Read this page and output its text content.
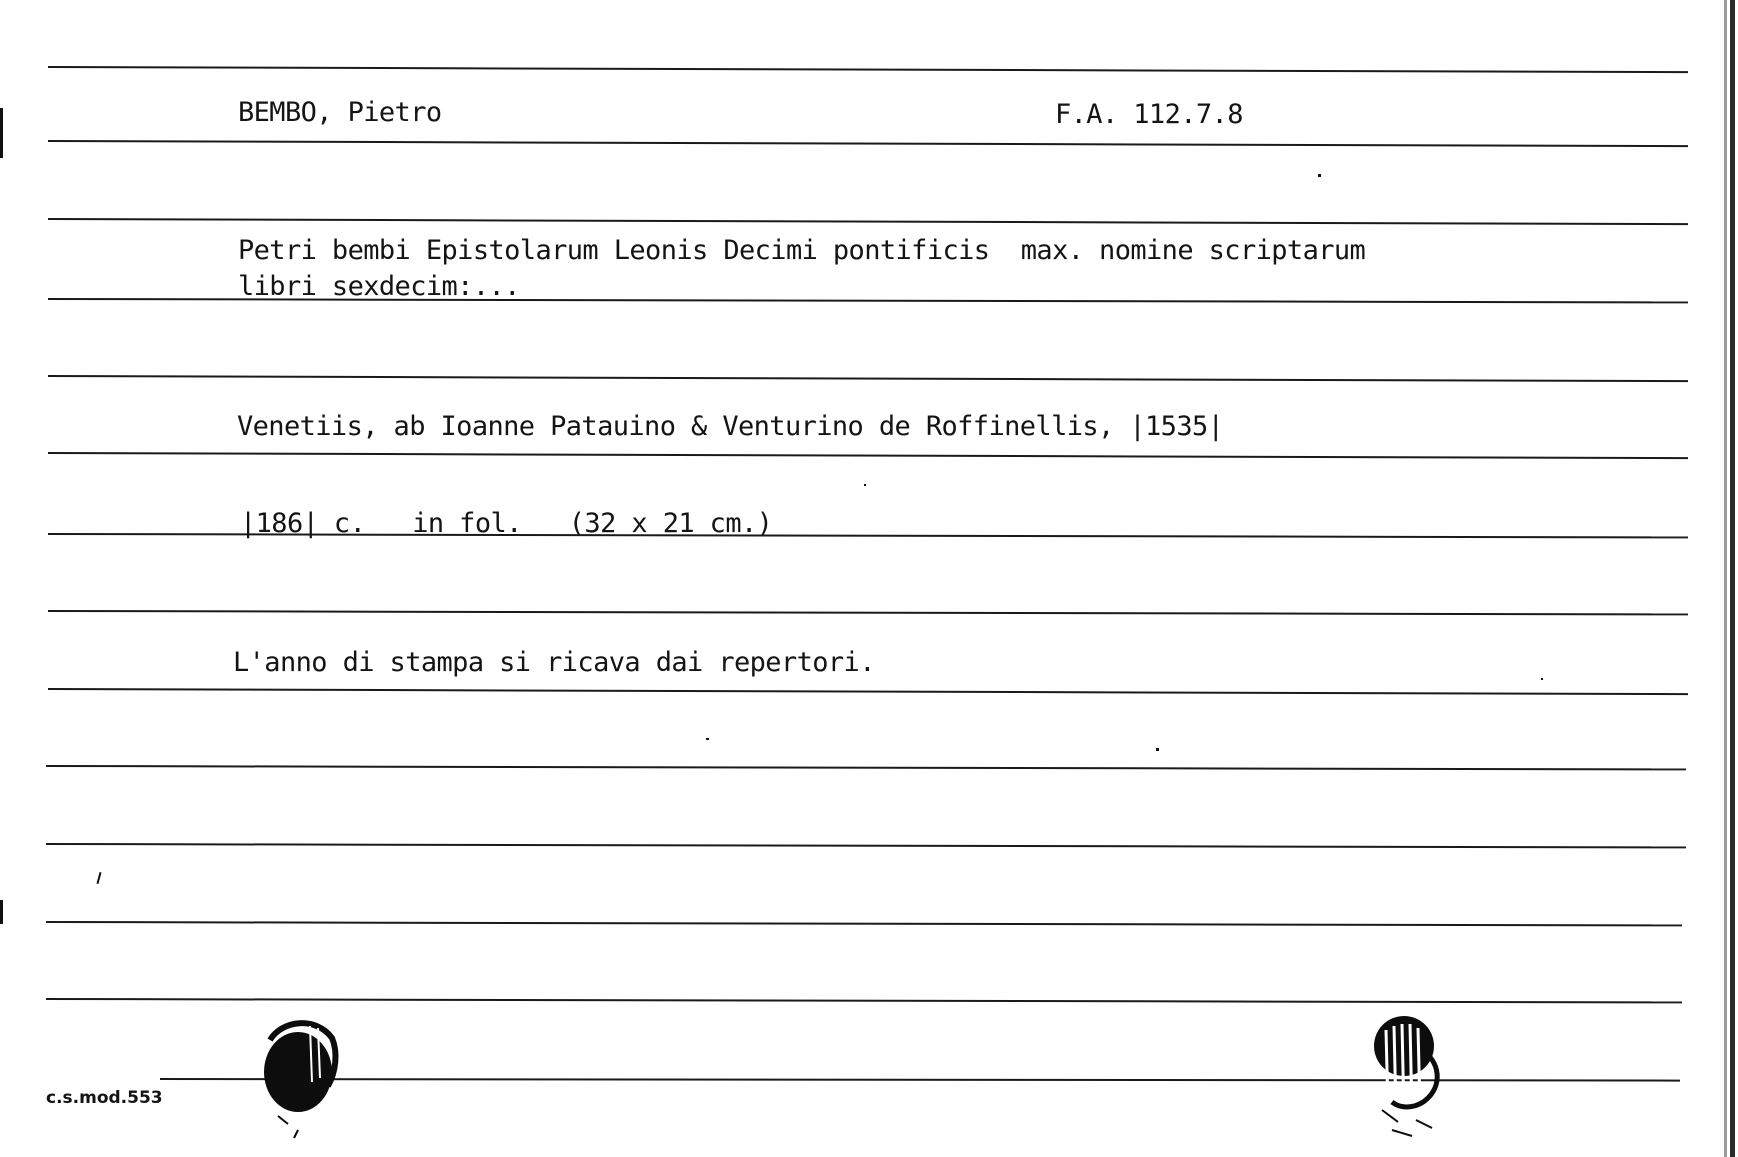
BEMBO, Pietro	F.A. 112.7.8
Petri bembi Epistolarum Leonis Decimi pontificis  max. nomine scriptarum
libri sexdecim:...
Venetiis, ab Ioanne Patauino & Venturino de Roffinellis, |1535|
|186| c.   in fol.   (32 x 21 cm.)
L'anno di stampa si ricava dai repertori.
c.s.mod.553
